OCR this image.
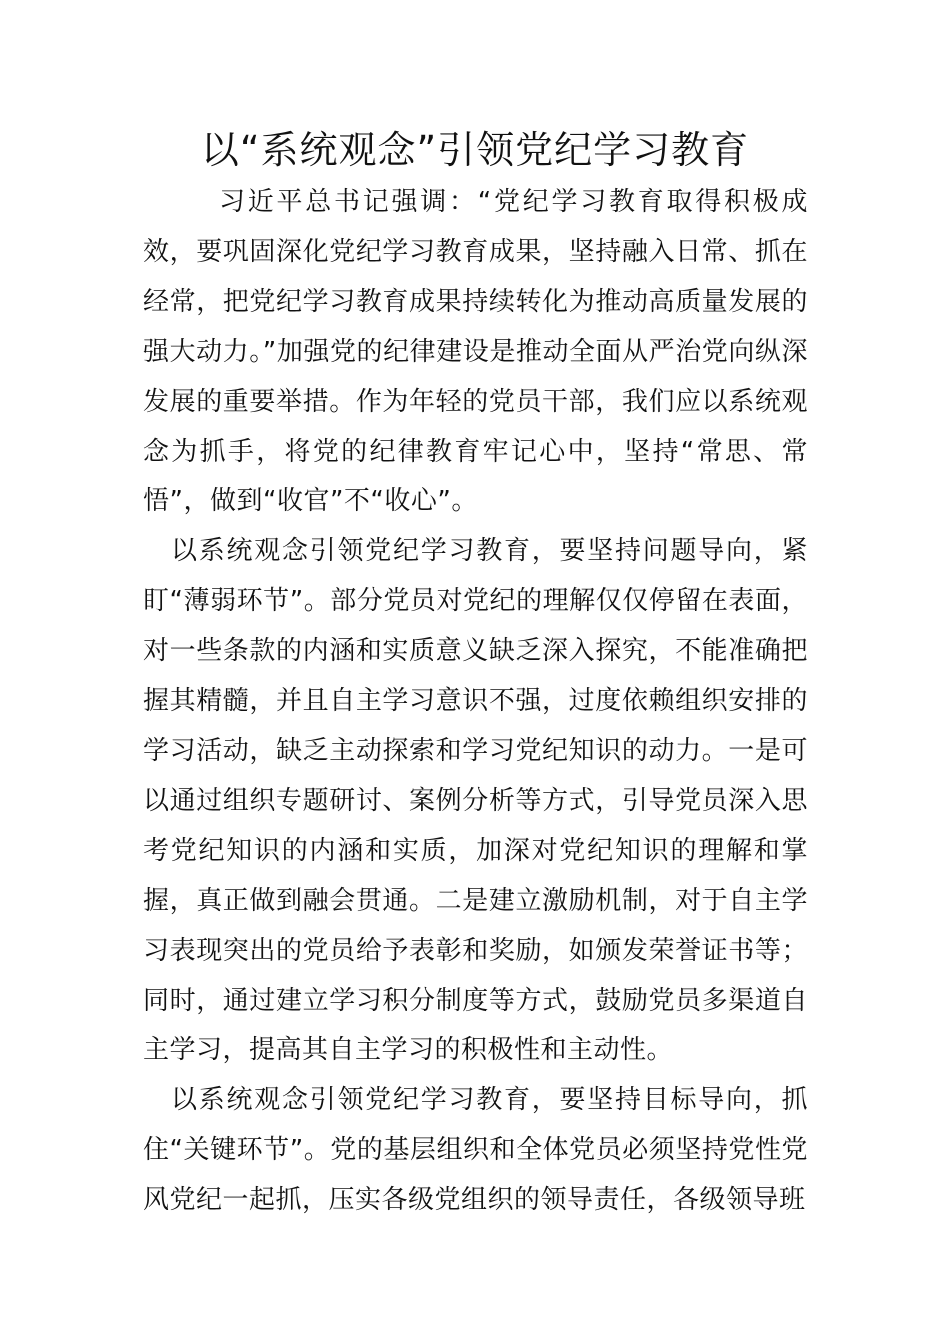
以“系统观念”引领党纪学习教育

习近平总书记强调：“党纪学习教育取得积极成效，要巩固深化党纪学习教育成果，坚持融入日常、抓在经常，把党纪学习教育成果持续转化为推动高质量发展的强大动力。”加强党的纪律建设是推动全面从严治党向纵深发展的重要举措。作为年轻的党员干部，我们应以系统观念为抓手，将党的纪律教育牢记心中，坚持“常思、常悟”，做到“收官”不“收心”。

以系统观念引领党纪学习教育，要坚持问题导向，紧盯“薄弱环节”。部分党员对党纪的理解仅仅停留在表面，对一些条款的内涵和实质意义缺乏深入探究，不能准确把握其精髓，并且自主学习意识不强，过度依赖组织安排的学习活动，缺乏主动探索和学习党纪知识的动力。一是可以通过组织专题研讨、案例分析等方式，引导党员深入思考党纪知识的内涵和实质，加深对党纪知识的理解和掌握，真正做到融会贯通。二是建立激励机制，对于自主学习表现突出的党员给予表彰和奖励，如颁发荣誉证书等；同时，通过建立学习积分制度等方式，鼓励党员多渠道自主学习，提高其自主学习的积极性和主动性。

以系统观念引领党纪学习教育，要坚持目标导向，抓住“关键环节”。党的基层组织和全体党员必须坚持党性党风党纪一起抓，压实各级党组织的领导责任，各级领导班
